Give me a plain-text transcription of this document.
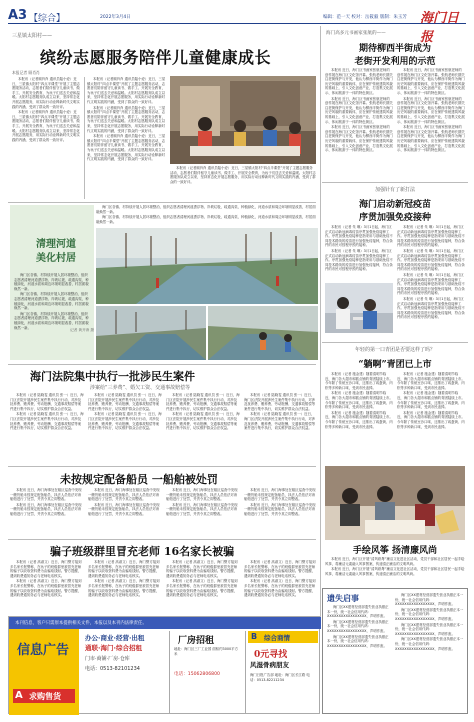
A3 【综合】	2022年3月4日	编辑：范一天 校对：岳筱毅 版制：朱玉芳 海门日报
三星镇太阳村——
缤纷志愿服务陪伴儿童健康成长
本报记者 顾肖肖

本报讯（记者顾肖肖 通讯员陆小爱）近日，三星镇太阳村“四点半课堂”开展了主题志愿服务活动，志愿者们陪伴留守儿童读书、做手工、开展安全教育，为孩子们送去关爱和温暖。太阳村志愿服务队成立以来，坚持常态化开展志愿服务，用实际行动诠释新时代文明实践的内涵，受到了群众的一致好评。

本报讯（记者顾肖肖 通讯员陆小爱）近日，三星镇太阳村“四点半课堂”开展了主题志愿服务活动，志愿者们陪伴留守儿童读书、做手工、开展安全教育，为孩子们送去关爱和温暖。太阳村志愿服务队成立以来，坚持常态化开展志愿服务，用实际行动诠释新时代文明实践的内涵，受到了群众的一致好评。

本报讯（记者顾肖肖 通讯员陆小爱）近日，三星镇太阳村“四点半课堂”开展了主题志愿服务活动，志愿者们陪伴留守儿童读书、做手工、开展安全教育，为孩子们送去关爱和温暖。太阳村志愿服务队成立以来，坚持常态化开展志愿服务，用实际行动诠释新时代文明实践的内涵，受到了群众的一致好评。

本报讯（记者顾肖肖 通讯员陆小爱）近日，三星镇太阳村“四点半课堂”开展了主题志愿服务活动，志愿者们陪伴留守儿童读书、做手工、开展安全教育，为孩子们送去关爱和温暖。太阳村志愿服务队成立以来，坚持常态化开展志愿服务，用实际行动诠释新时代文明实践的内涵，受到了群众的一致好评。

本报讯（记者顾肖肖 通讯员陆小爱）近日，三星镇太阳村“四点半课堂”开展了主题志愿服务活动，志愿者们陪伴留守儿童读书、做手工、开展安全教育，为孩子们送去关爱和温暖。太阳村志愿服务队成立以来，坚持常态化开展志愿服务，用实际行动诠释新时代文明实践的内涵，受到了群众的一致好评。

本报讯（记者顾肖肖 通讯员陆小爱）近日，三星镇太阳村“四点半课堂”开展了主题志愿服务活动，志愿者们陪伴留守儿童读书、做手工、开展安全教育，为孩子们送去关爱和温暖。太阳村志愿服务队成立以来，坚持常态化开展志愿服务，用实际行动诠释新时代文明实践的内涵，受到了群众的一致好评。

清理河道
美化村居

海门区各镇、村持续开展人居环境整治，组织志愿者清理河道漂浮物、岸坡垃圾，疏通沟渠，种植绿化，河道水质和周边环境明显改善，村居面貌焕然一新。

海门区各镇、村持续开展人居环境整治，组织志愿者清理河道漂浮物、岸坡垃圾，疏通沟渠，种植绿化，河道水质和周边环境明显改善，村居面貌焕然一新。

海门区各镇、村持续开展人居环境整治，组织志愿者清理河道漂浮物、岸坡垃圾，疏通沟渠，种植绿化，河道水质和周边环境明显改善，村居面貌焕然一新。

记者 黄开涛 摄

海门区各镇、村持续开展人居环境整治，组织志愿者清理河道漂浮物、岸坡垃圾，疏通沟渠，种植绿化，河道水质和周边环境明显改善，村居面貌焕然一新。

海门区各镇、村持续开展人居环境整治，组织志愿者清理河道漂浮物、岸坡垃圾，疏通沟渠，种植绿化，河道水质和周边环境明显改善，村居面貌焕然一新。

海门法院集中执行一批涉民生案件
涉案给“三养费”、婚欠工资、交通事故赔偿等

本报讯（记者 陆晓雯 通讯员 张一）近日，海门区法院开展涉民生案件集中执行行动，对涉及抚养费、赡养费、劳动报酬、交通事故赔偿等案件进行集中执行，切实维护群众合法权益。

本报讯（记者 陆晓雯 通讯员 张一）近日，海门区法院开展涉民生案件集中执行行动，对涉及抚养费、赡养费、劳动报酬、交通事故赔偿等案件进行集中执行，切实维护群众合法权益。

本报讯（记者 陆晓雯 通讯员 张一）近日，海门区法院开展涉民生案件集中执行行动，对涉及抚养费、赡养费、劳动报酬、交通事故赔偿等案件进行集中执行，切实维护群众合法权益。

本报讯（记者 陆晓雯 通讯员 张一）近日，海门区法院开展涉民生案件集中执行行动，对涉及抚养费、赡养费、劳动报酬、交通事故赔偿等案件进行集中执行，切实维护群众合法权益。

本报讯（记者 陆晓雯 通讯员 张一）近日，海门区法院开展涉民生案件集中执行行动，对涉及抚养费、赡养费、劳动报酬、交通事故赔偿等案件进行集中执行，切实维护群众合法权益。

本报讯（记者 陆晓雯 通讯员 张一）近日，海门区法院开展涉民生案件集中执行行动，对涉及抚养费、赡养费、劳动报酬、交通事故赔偿等案件进行集中执行，切实维护群众合法权益。

本报讯（记者 陆晓雯 通讯员 张一）近日，海门区法院开展涉民生案件集中执行行动，对涉及抚养费、赡养费、劳动报酬、交通事故赔偿等案件进行集中执行，切实维护群众合法权益。

本报讯（记者 陆晓雯 通讯员 张一）近日，海门区法院开展涉民生案件集中执行行动，对涉及抚养费、赡养费、劳动报酬、交通事故赔偿等案件进行集中执行，切实维护群众合法权益。

未按规定配备船员 一船舶被处罚

本报讯 近日，海门海事处在辖区巡查中发现一艘货船未按规定配备船员，执法人员依法对该船舶进行了处罚，并责令其立即整改。

本报讯 近日，海门海事处在辖区巡查中发现一艘货船未按规定配备船员，执法人员依法对该船舶进行了处罚，并责令其立即整改。

本报讯 近日，海门海事处在辖区巡查中发现一艘货船未按规定配备船员，执法人员依法对该船舶进行了处罚，并责令其立即整改。

本报讯 近日，海门海事处在辖区巡查中发现一艘货船未按规定配备船员，执法人员依法对该船舶进行了处罚，并责令其立即整改。

本报讯 近日，海门海事处在辖区巡查中发现一艘货船未按规定配备船员，执法人员依法对该船舶进行了处罚，并责令其立即整改。

本报讯 近日，海门海事处在辖区巡查中发现一艘货船未按规定配备船员，执法人员依法对该船舶进行了处罚，并责令其立即整改。

本报讯 近日，海门海事处在辖区巡查中发现一艘货船未按规定配备船员，执法人员依法对该船舶进行了处罚，并责令其立即整改。

本报讯 近日，海门海事处在辖区巡查中发现一艘货船未按规定配备船员，执法人员依法对该船舶进行了处罚，并责令其立即整改。

骗子班级群里冒充老师 16名家长被骗

本报讯（记者 高淑文）近日，海门警方接到多名家长报警称，在孩子的班级群里被冒充老师的骗子以收取资料费为由骗取钱财。警方提醒，遇到收费通知务必与老师电话核实。

本报讯（记者 高淑文）近日，海门警方接到多名家长报警称，在孩子的班级群里被冒充老师的骗子以收取资料费为由骗取钱财。警方提醒，遇到收费通知务必与老师电话核实。

本报讯（记者 高淑文）近日，海门警方接到多名家长报警称，在孩子的班级群里被冒充老师的骗子以收取资料费为由骗取钱财。警方提醒，遇到收费通知务必与老师电话核实。

本报讯（记者 高淑文）近日，海门警方接到多名家长报警称，在孩子的班级群里被冒充老师的骗子以收取资料费为由骗取钱财。警方提醒，遇到收费通知务必与老师电话核实。

本报讯（记者 高淑文）近日，海门警方接到多名家长报警称，在孩子的班级群里被冒充老师的骗子以收取资料费为由骗取钱财。警方提醒，遇到收费通知务必与老师电话核实。

本报讯（记者 高淑文）近日，海门警方接到多名家长报警称，在孩子的班级群里被冒充老师的骗子以收取资料费为由骗取钱财。警方提醒，遇到收费通知务必与老师电话核实。

本报讯（记者 高淑文）近日，海门警方接到多名家长报警称，在孩子的班级群里被冒充老师的骗子以收取资料费为由骗取钱财。警方提醒，遇到收费通知务必与老师电话核实。

本报讯（记者 高淑文）近日，海门警方接到多名家长报警称，在孩子的班级群里被冒充老师的骗子以收取资料费为由骗取钱财。警方提醒，遇到收费通知务必与老师电话核实。

海门高多元书画家张航的——
期待柳西半街成为
老街开发利用的示范

本报讯 近日，海门区书画家张航老师的创作展在海门区文化馆开幕。张航老师长期关注老街保护与开发，他认为柳西半街作为海门历史风貌的重要载体，应在保护传统建筑风貌的基础上，引入文化创意产业，打造集文化展示、休闲旅游于一体的特色街区。

本报讯 近日，海门区书画家张航老师的创作展在海门区文化馆开幕。张航老师长期关注老街保护与开发，他认为柳西半街作为海门历史风貌的重要载体，应在保护传统建筑风貌的基础上，引入文化创意产业，打造集文化展示、休闲旅游于一体的特色街区。

本报讯 近日，海门区书画家张航老师的创作展在海门区文化馆开幕。张航老师长期关注老街保护与开发，他认为柳西半街作为海门历史风貌的重要载体，应在保护传统建筑风貌的基础上，引入文化创意产业，打造集文化展示、休闲旅游于一体的特色街区。

本报讯 近日，海门区书画家张航老师的创作展在海门区文化馆开幕。张航老师长期关注老街保护与开发，他认为柳西半街作为海门历史风貌的重要载体，应在保护传统建筑风貌的基础上，引入文化创意产业，打造集文化展示、休闲旅游于一体的特色街区。

本报讯 近日，海门区书画家张航老师的创作展在海门区文化馆开幕。张航老师长期关注老街保护与开发，他认为柳西半街作为海门历史风貌的重要载体，应在保护传统建筑风貌的基础上，引入文化创意产业，打造集文化展示、休闲旅游于一体的特色街区。

本报讯 近日，海门区书画家张航老师的创作展在海门区文化馆开幕。张航老师长期关注老街保护与开发，他认为柳西半街作为海门历史风貌的重要载体，应在保护传统建筑风貌的基础上，引入文化创意产业，打造集文化展示、休闲旅游于一体的特色街区。

加强针有了新打法
海门启动新冠疫苗
序贯加强免疫接种

本报讯（记者 朱 琳）3月1日起，海门区正式启动新冠病毒疫苗序贯加强免疫接种工作。序贯加强免疫接种是指采用与基础免疫不同技术路线的疫苗进行加强免疫接种，符合条件的市民可按程序预约接种。

本报讯（记者 朱 琳）3月1日起，海门区正式启动新冠病毒疫苗序贯加强免疫接种工作。序贯加强免疫接种是指采用与基础免疫不同技术路线的疫苗进行加强免疫接种，符合条件的市民可按程序预约接种。

本报讯（记者 朱 琳）3月1日起，海门区正式启动新冠病毒疫苗序贯加强免疫接种工作。序贯加强免疫接种是指采用与基础免疫不同技术路线的疫苗进行加强免疫接种，符合条件的市民可按程序预约接种。

本报讯（记者 朱 琳）3月1日起，海门区正式启动新冠病毒疫苗序贯加强免疫接种工作。序贯加强免疫接种是指采用与基础免疫不同技术路线的疫苗进行加强免疫接种，符合条件的市民可按程序预约接种。

本报讯（记者 朱 琳）3月1日起，海门区正式启动新冠病毒疫苗序贯加强免疫接种工作。序贯加强免疫接种是指采用与基础免疫不同技术路线的疫苗进行加强免疫接种，符合条件的市民可按程序预约接种。

本报讯（记者 朱 琳）3月1日起，海门区正式启动新冠病毒疫苗序贯加强免疫接种工作。序贯加强免疫接种是指采用与基础免疫不同技术路线的疫苗进行加强免疫接种，符合条件的市民可按程序预约接种。

年轻的第一口青团是否要这样了吗？
“躺啊”青团已上市

本报讯（记者 施金建）随着清明节临近，海门各大超市和糕点铺的青团陆续上市。今年除了传统豆沙口味，还推出了咸蛋黄、肉松等多种新口味，受到市民追捧。

本报讯（记者 施金建）随着清明节临近，海门各大超市和糕点铺的青团陆续上市。今年除了传统豆沙口味，还推出了咸蛋黄、肉松等多种新口味，受到市民追捧。

本报讯（记者 施金建）随着清明节临近，海门各大超市和糕点铺的青团陆续上市。今年除了传统豆沙口味，还推出了咸蛋黄、肉松等多种新口味，受到市民追捧。

本报讯（记者 施金建）随着清明节临近，海门各大超市和糕点铺的青团陆续上市。今年除了传统豆沙口味，还推出了咸蛋黄、肉松等多种新口味，受到市民追捧。

本报讯（记者 施金建）随着清明节临近，海门各大超市和糕点铺的青团陆续上市。今年除了传统豆沙口味，还推出了咸蛋黄、肉松等多种新口味，受到市民追捧。

本报讯（记者 施金建）随着清明节临近，海门各大超市和糕点铺的青团陆续上市。今年除了传统豆沙口味，还推出了咸蛋黄、肉松等多种新口味，受到市民追捧。

手绘风筝 扬清廉风尚

本报讯 近日，海门区开展“清风纸鸢”廉洁文化进社区活动，党员干部和社区居民一起手绘风筝，将廉洁元素融入风筝图案，传递清正廉洁的文明风尚。

本报讯 近日，海门区开展“清风纸鸢”廉洁文化进社区活动，党员干部和社区居民一起手绘风筝，将廉洁元素融入风筝图案，传递清正廉洁的文明风尚。

遗失启事

海门区XX建材经营部遗失营业执照正本一份，统一社会信用代码：XXXXXXXXXXXXXXXXX，声明作废。

海门区XX建材经营部遗失营业执照正本一份，统一社会信用代码：XXXXXXXXXXXXXXXXX，声明作废。

海门区XX建材经营部遗失营业执照正本一份，统一社会信用代码：XXXXXXXXXXXXXXXXX，声明作废。

海门区XX建材经营部遗失营业执照正本一份，统一社会信用代码：XXXXXXXXXXXXXXXXX，声明作废。

海门区XX建材经营部遗失营业执照正本一份，统一社会信用代码：XXXXXXXXXXXXXXXXX，声明作废。

海门区XX建材经营部遗失营业执照正本一份，统一社会信用代码：XXXXXXXXXXXXXXXXX，声明作废。

海门区XX建材经营部遗失营业执照正本一份，统一社会信用代码：XXXXXXXXXXXXXXXXX，声明作废。

本刊信息，客户只需原本提供相关文件，本报以及本刊内法律责任。
信息广告
A 求购售货
办公·商业·经营·出租
通联·海门·综合招租
门市·商铺·厂房·仓库
电话：0513-82101234
厂房招租
地址：海门区三厂工业园 面积约3000平方米
电话：15062806800
B 综合商情
0元寻找
风湿骨病朋友
海门日报广告部 地址：海门区长江路 电话：0513-82211234
